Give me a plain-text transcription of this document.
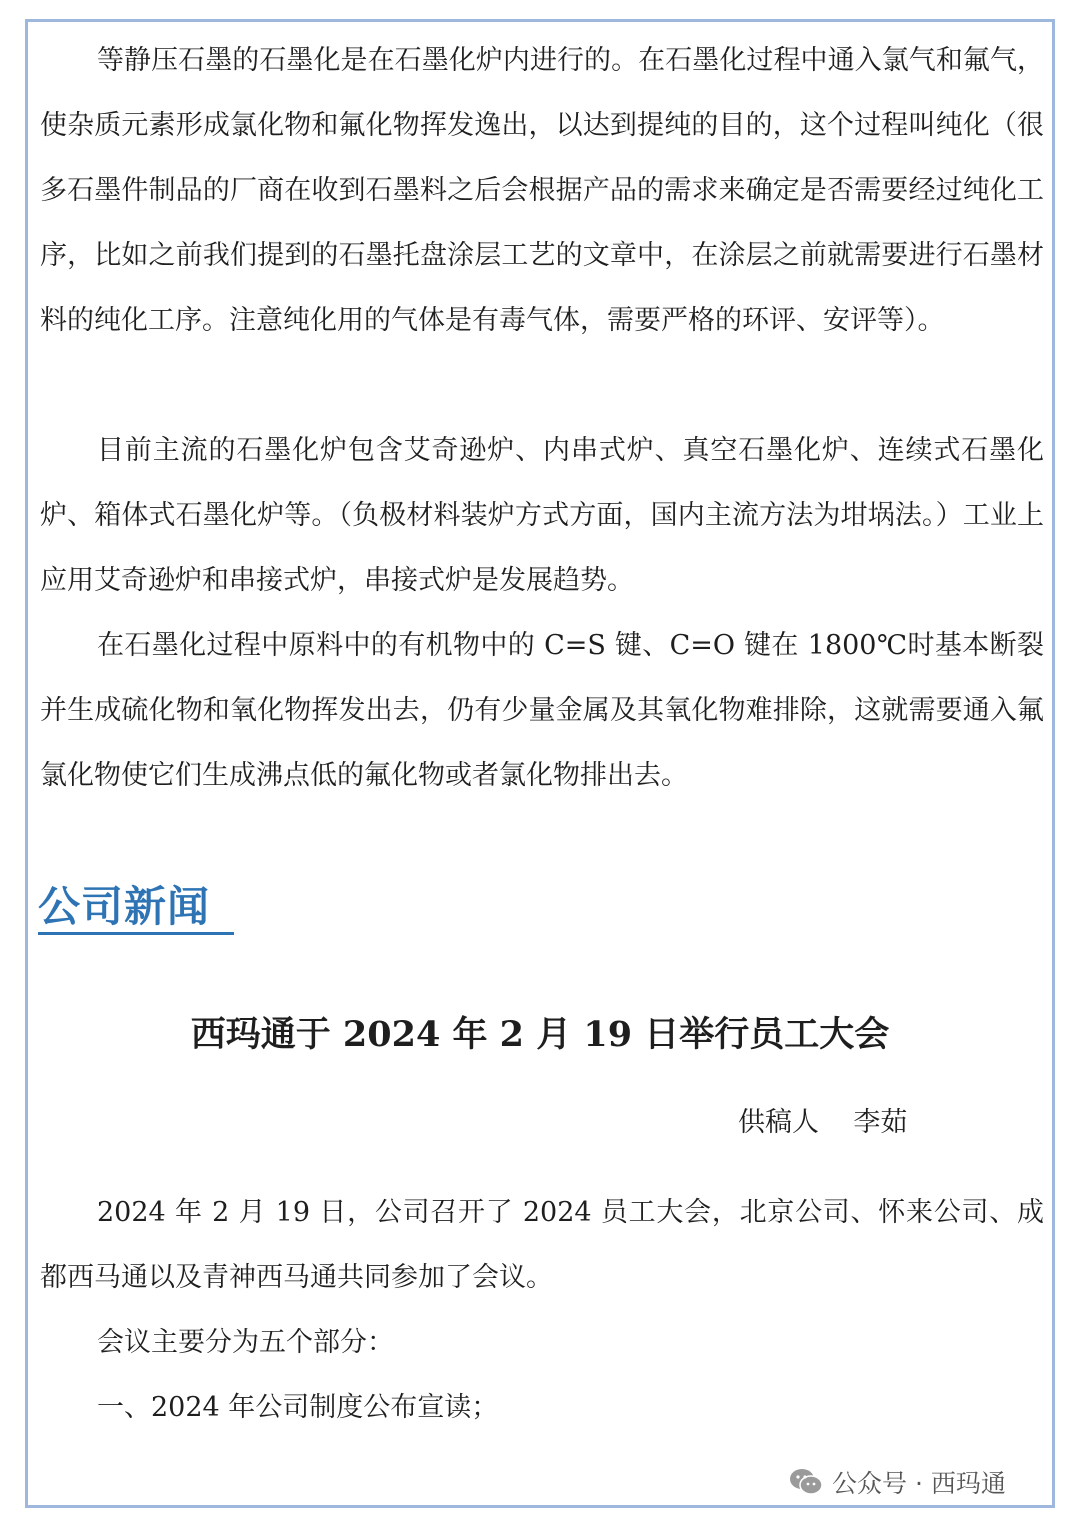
等静压石墨的石墨化是在石墨化炉内进行的。在石墨化过程中通入氯气和氟气，使杂质元素形成氯化物和氟化物挥发逸出，以达到提纯的目的，这个过程叫纯化（很多石墨件制品的厂商在收到石墨料之后会根据产品的需求来确定是否需要经过纯化工序，比如之前我们提到的石墨托盘涂层工艺的文章中，在涂层之前就需要进行石墨材料的纯化工序。注意纯化用的气体是有毒气体，需要严格的环评、安评等）。

目前主流的石墨化炉包含艾奇逊炉、内串式炉、真空石墨化炉、连续式石墨化炉、箱体式石墨化炉等。（负极材料装炉方式方面，国内主流方法为坩埚法。）工业上应用艾奇逊炉和串接式炉，串接式炉是发展趋势。

在石墨化过程中原料中的有机物中的 C=S 键、C=O 键在 1800℃时基本断裂并生成硫化物和氧化物挥发出去，仍有少量金属及其氧化物难排除，这就需要通入氟氯化物使它们生成沸点低的氟化物或者氯化物排出去。

公司新闻
西玛通于 2024 年 2 月 19 日举行员工大会
供稿人    李茹

2024 年 2 月 19 日，公司召开了 2024 员工大会，北京公司、怀来公司、成都西马通以及青神西马通共同参加了会议。

会议主要分为五个部分：

一、2024 年公司制度公布宣读；

公众号 · 西玛通
